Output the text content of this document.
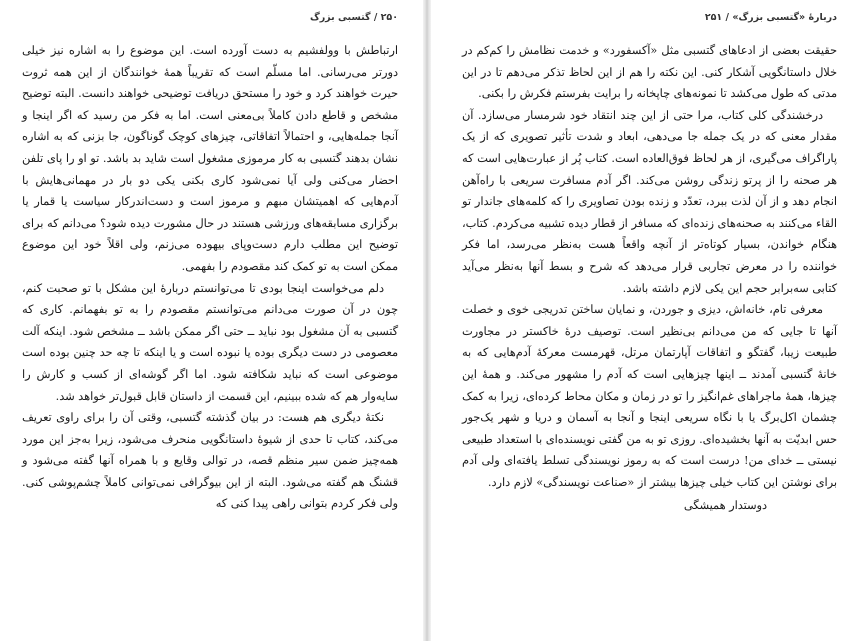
۲۵۰ / گتسبی بزرگ

ارتباطش با وولفشیم به دست آورده است. این موضوع را به اشاره نیز خیلی دورتر می‌رسانی. اما مسلّم است که تقریباً همهٔ خوانندگان از این همه ثروت حیرت خواهند کرد و خود را مستحق دریافت توضیحی خواهند دانست. البته توضیح مشخص و قاطع دادن کاملاً بی‌معنی است. اما به فکر من رسید که اگر اینجا و آنجا جمله‌هایی، و احتمالاً اتفاقاتی، چیزهای کوچک گوناگون، جا بزنی که به اشاره نشان بدهند گتسبی به کار مرموزی مشغول است شاید بد باشد. تو او را پای تلفن احضار می‌کنی ولی آیا نمی‌شود کاری بکنی یکی دو بار در مهمانی‌هایش با آدم‌هایی که اهمیتشان مبهم و مرموز است و دست‌اندرکار سیاست یا قمار یا برگزاری مسابقه‌های ورزشی هستند در حال مشورت دیده شود؟ می‌دانم که برای توضیح این مطلب دارم دست‌وپای بیهوده می‌زنم، ولی اقلاً خود این موضوع ممکن است به تو کمک کند مقصودم را بفهمی.

دلم می‌خواست اینجا بودی تا می‌توانستم دربارهٔ این مشکل با تو صحبت کنم، چون در آن صورت می‌دانم می‌توانستم مقصودم را به تو بفهمانم. کاری که گتسبی به آن مشغول بود نباید ــ حتی اگر ممکن باشد ــ مشخص شود. اینکه آلت معصومی در دست دیگری بوده یا نبوده است و یا اینکه تا چه حد چنین بوده است موضوعی است که نباید شکافته شود. اما اگر گوشه‌ای از کسب و کارش را سایه‌وار هم که شده ببینیم، این قسمت از داستان قابل قبول‌تر خواهد شد.

نکتهٔ دیگری هم هست: در بیان گذشته گتسبی، وقتی آن را برای راوی تعریف می‌کند، کتاب تا حدی از شیوهٔ داستانگویی منحرف می‌شود، زیرا به‌جز این مورد همه‌چیز ضمن سیر منظم قصه، در توالی وقایع و با همراه آنها گفته می‌شود و قشنگ هم گفته می‌شود. البته از این بیوگرافی نمی‌توانی کاملاً چشم‌پوشی کنی. ولی فکر کردم بتوانی راهی پیدا کنی که

دربارهٔ «گتسبی بزرگ» / ۲۵۱

حقیقت بعضی از ادعاهای گتسبی مثل «آکسفورد» و خدمت نظامش را کم‌کم در خلال داستانگویی آشکار کنی. این نکته را هم از این لحاظ تذکر می‌دهم تا در این مدتی که طول می‌کشد تا نمونه‌های چاپخانه را برایت بفرستم فکرش را بکنی.

درخشندگی کلی کتاب، مرا حتی از این چند انتقاد خود شرمسار می‌سازد. آن مقدار معنی که در یک جمله جا می‌دهی، ابعاد و شدت تأثیر تصویری که از یک پاراگراف می‌گیری، از هر لحاظ فوق‌العاده است. کتاب پُر از عبارت‌هایی است که هر صحنه را از پرتو زندگی روشن می‌کند. اگر آدم مسافرت سریعی با راه‌آهن انجام دهد و از آن لذت ببرد، تعدّد و زنده بودن تصاویری را که کلمه‌های جاندار تو القاء می‌کنند به صحنه‌های زنده‌ای که مسافر از قطار دیده تشبیه می‌کردم. کتاب، هنگام خواندن، بسیار کوتاه‌تر از آنچه واقعاً هست به‌نظر می‌رسد، اما فکر خواننده را در معرض تجاربی قرار می‌دهد که شرح و بسط آنها به‌نظر می‌آید کتابی سه‌برابر حجم این یکی لازم داشته باشد.

معرفی تام، خانه‌اش، دیزی و جوردن، و نمایان ساختن تدریجی خوی و خصلت آنها تا جایی که من می‌دانم بی‌نظیر است. توصیف درهٔ خاکستر در مجاورت طبیعت زیبا، گفتگو و اتفاقات آپارتمان مرتل، قهرمست معرکهٔ آدم‌هایی که به خانهٔ گتسبی آمدند ــ اینها چیزهایی است که آدم را مشهور می‌کند. و همهٔ این چیزها، همهٔ ماجراهای غم‌انگیز را تو در زمان و مکان محاط کرده‌ای، زیرا به کمک چشمان اکل‌برگ یا با نگاه سریعی اینجا و آنجا به آسمان و دریا و شهر یک‌جور حس ابدیّت به آنها بخشیده‌ای. روزی تو به من گفتی نویسنده‌ای با استعداد طبیعی نیستی ــ خدای من! درست است که به رموز نویسندگی تسلط یافته‌ای ولی آدم برای نوشتن این کتاب خیلی چیزها بیشتر از «صناعت نویسندگی» لازم دارد.

دوستدار همیشگی
